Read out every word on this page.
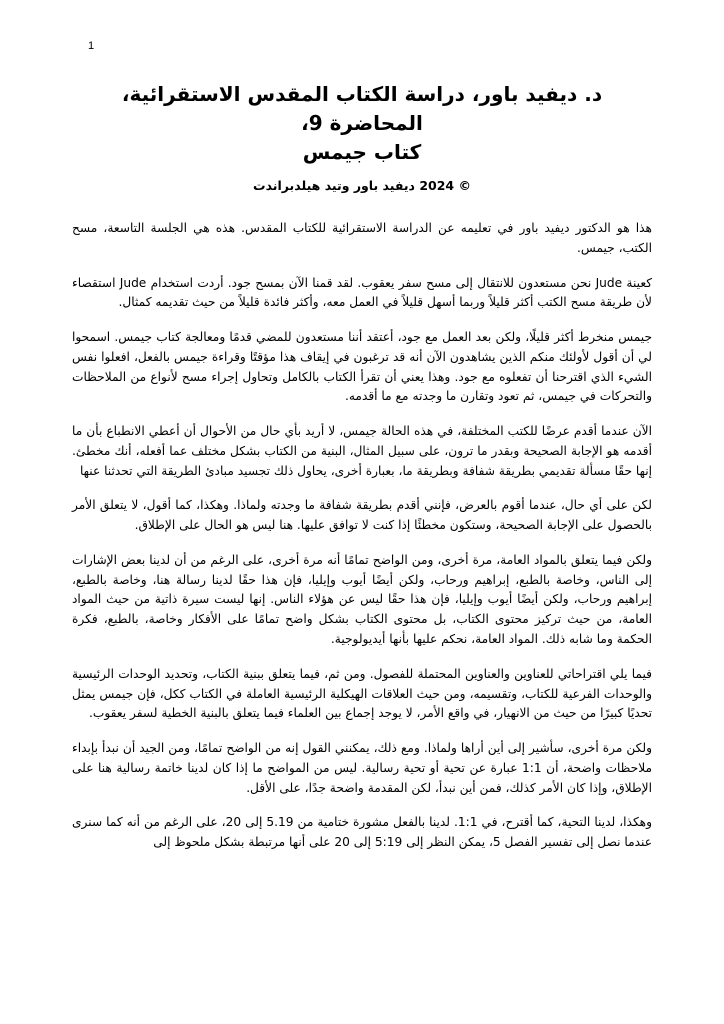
1
د. ديفيد باور، دراسة الكتاب المقدس الاستقرائية، المحاضرة 9،
كتاب جيمس
© 2024 ديفيد باور وتيد هيلدبراندت

هذا هو الدكتور ديفيد باور في تعليمه عن الدراسة الاستقرائية للكتاب المقدس. هذه هي الجلسة التاسعة، مسح الكتب، جيمس.

كعينة Jude نحن مستعدون للانتقال إلى مسح سفر يعقوب. لقد قمنا الآن بمسح جود. أردت استخدام Jude استقصاء لأن طريقة مسح الكتب أكثر قليلاً وربما أسهل قليلاً في العمل معه، وأكثر فائدة قليلاً من حيث تقديمه كمثال.

جيمس منخرط أكثر قليلًا، ولكن بعد العمل مع جود، أعتقد أننا مستعدون للمضي قدمًا ومعالجة كتاب جيمس. اسمحوا لي أن أقول لأولئك منكم الذين يشاهدون الآن أنه قد ترغبون في إيقاف هذا مؤقتًا وقراءة جيمس بالفعل، افعلوا نفس الشيء الذي اقترحنا أن تفعلوه مع جود. وهذا يعني أن تقرأ الكتاب بالكامل وتحاول إجراء مسح لأنواع من الملاحظات والتحركات في جيمس، ثم تعود وتقارن ما وجدته مع ما أقدمه.

الآن عندما أقدم عرضًا للكتب المختلفة، في هذه الحالة جيمس، لا أريد بأي حال من الأحوال أن أعطي الانطباع بأن ما أقدمه هو الإجابة الصحيحة وبقدر ما ترون، على سبيل المثال، البنية من الكتاب بشكل مختلف عما أفعله، أنك مخطئ. إنها حقًا مسألة تقديمي بطريقة شفافة وبطريقة ما، بعبارة أخرى، يحاول ذلك تجسيد مبادئ الطريقة التي تحدثنا عنها

لكن على أي حال، عندما أقوم بالعرض، فإنني أقدم بطريقة شفافة ما وجدته ولماذا. وهكذا، كما أقول، لا يتعلق الأمر بالحصول على الإجابة الصحيحة، وستكون مخطئًا إذا كنت لا توافق عليها. هنا ليس هو الحال على الإطلاق.

ولكن فيما يتعلق بالمواد العامة، مرة أخرى، ومن الواضح تمامًا أنه مرة أخرى، على الرغم من أن لدينا بعض الإشارات إلى الناس، وخاصة بالطبع، إبراهيم ورحاب، ولكن أيضًا أيوب وإيليا، فإن هذا حقًا لدينا رسالة هنا، وخاصة بالطبع، إبراهيم ورحاب، ولكن أيضًا أيوب وإيليا، فإن هذا حقًا ليس عن هؤلاء الناس. إنها ليست سيرة ذاتية من حيث المواد العامة، من حيث تركيز محتوى الكتاب، بل محتوى الكتاب بشكل واضح تمامًا على الأفكار وخاصة، بالطبع، فكرة الحكمة وما شابه ذلك. المواد العامة، نحكم عليها بأنها أيديولوجية.

فيما يلي اقتراحاتي للعناوين والعناوين المحتملة للفصول. ومن ثم، فيما يتعلق ببنية الكتاب، وتحديد الوحدات الرئيسية والوحدات الفرعية للكتاب، وتقسيمه، ومن حيث العلاقات الهيكلية الرئيسية العاملة في الكتاب ككل، فإن جيمس يمثل تحديًا كبيرًا من حيث من الانهيار، في واقع الأمر، لا يوجد إجماع بين العلماء فيما يتعلق بالبنية الخطية لسفر يعقوب.

ولكن مرة أخرى، سأشير إلى أين أراها ولماذا. ومع ذلك، يمكنني القول إنه من الواضح تمامًا، ومن الجيد أن نبدأ بإبداء ملاحظات واضحة، أن 1:1 عبارة عن تحية أو تحية رسالية. ليس من المواضح ما إذا كان لدينا خاتمة رسالية هنا على الإطلاق، وإذا كان الأمر كذلك، فمن أين نبدأ، لكن المقدمة واضحة جدًا، على الأقل.

وهكذا، لدينا التحية، كما أقترح، في 1:1. لدينا بالفعل مشورة ختامية من 5.19 إلى 20، على الرغم من أنه كما سنرى عندما نصل إلى تفسير الفصل 5، يمكن النظر إلى 5:19 إلى 20 على أنها مرتبطة بشكل ملحوظ إلى
